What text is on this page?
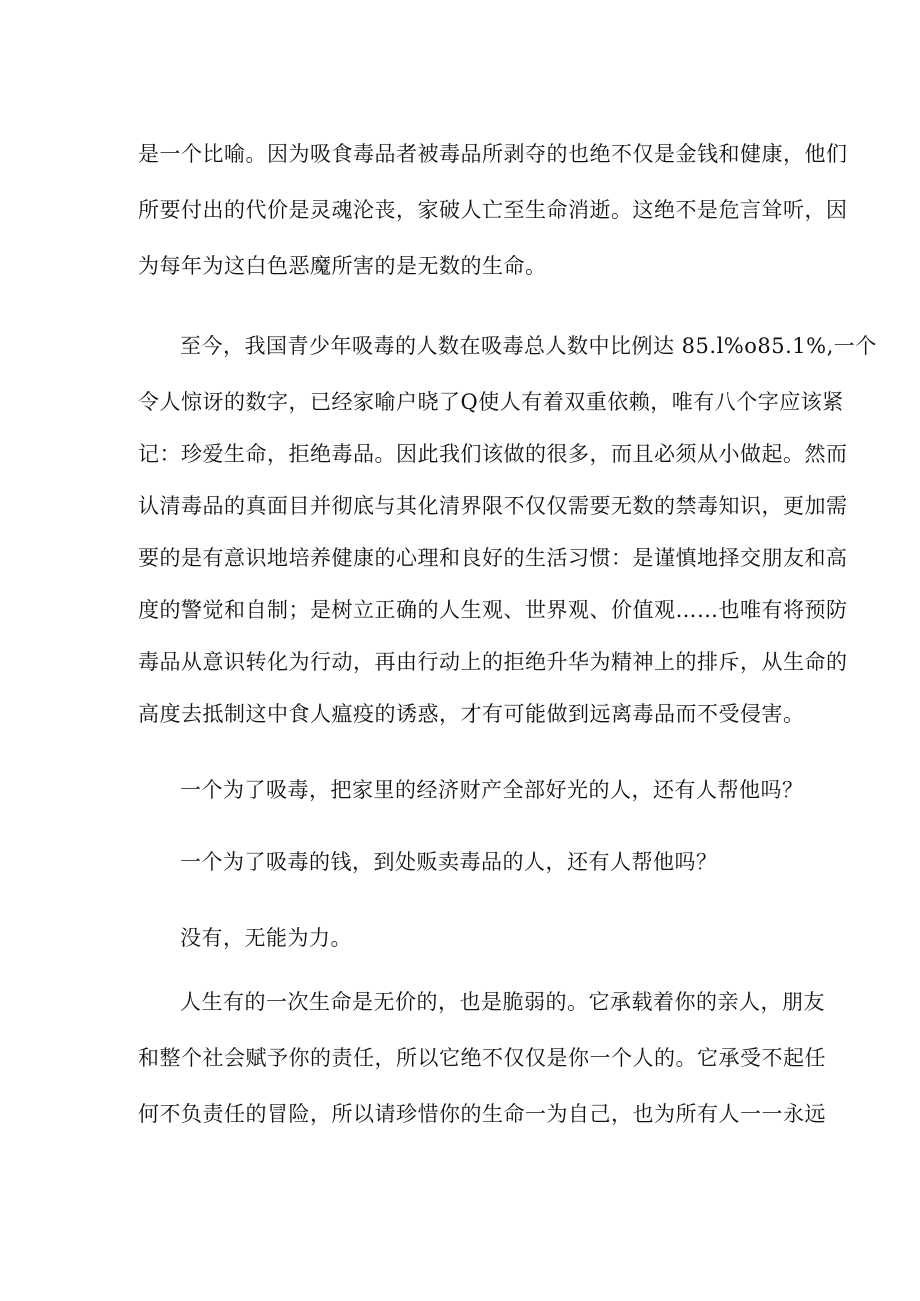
是一个比喻。因为吸食毒品者被毒品所剥夺的也绝不仅是金钱和健康，他们
所要付出的代价是灵魂沦丧，家破人亡至生命消逝。这绝不是危言耸听，因
为每年为这白色恶魔所害的是无数的生命。
至今，我国青少年吸毒的人数在吸毒总人数中比例达 85.l%o85.1%,一个
令人惊讶的数字，已经家喻户晓了Q使人有着双重依赖，唯有八个字应该紧
记：珍爱生命，拒绝毒品。因此我们该做的很多，而且必须从小做起。然而
认清毒品的真面目并彻底与其化清界限不仅仅需要无数的禁毒知识，更加需
要的是有意识地培养健康的心理和良好的生活习惯：是谨慎地择交朋友和高
度的警觉和自制；是树立正确的人生观、世界观、价值观……也唯有将预防
毒品从意识转化为行动，再由行动上的拒绝升华为精神上的排斥，从生命的
高度去抵制这中食人瘟疫的诱惑，才有可能做到远离毒品而不受侵害。
一个为了吸毒，把家里的经济财产全部好光的人，还有人帮他吗？
一个为了吸毒的钱，到处贩卖毒品的人，还有人帮他吗？
没有，无能为力。
人生有的一次生命是无价的，也是脆弱的。它承载着你的亲人，朋友
和整个社会赋予你的责任，所以它绝不仅仅是你一个人的。它承受不起任
何不负责任的冒险，所以请珍惜你的生命一为自己，也为所有人一一永远
